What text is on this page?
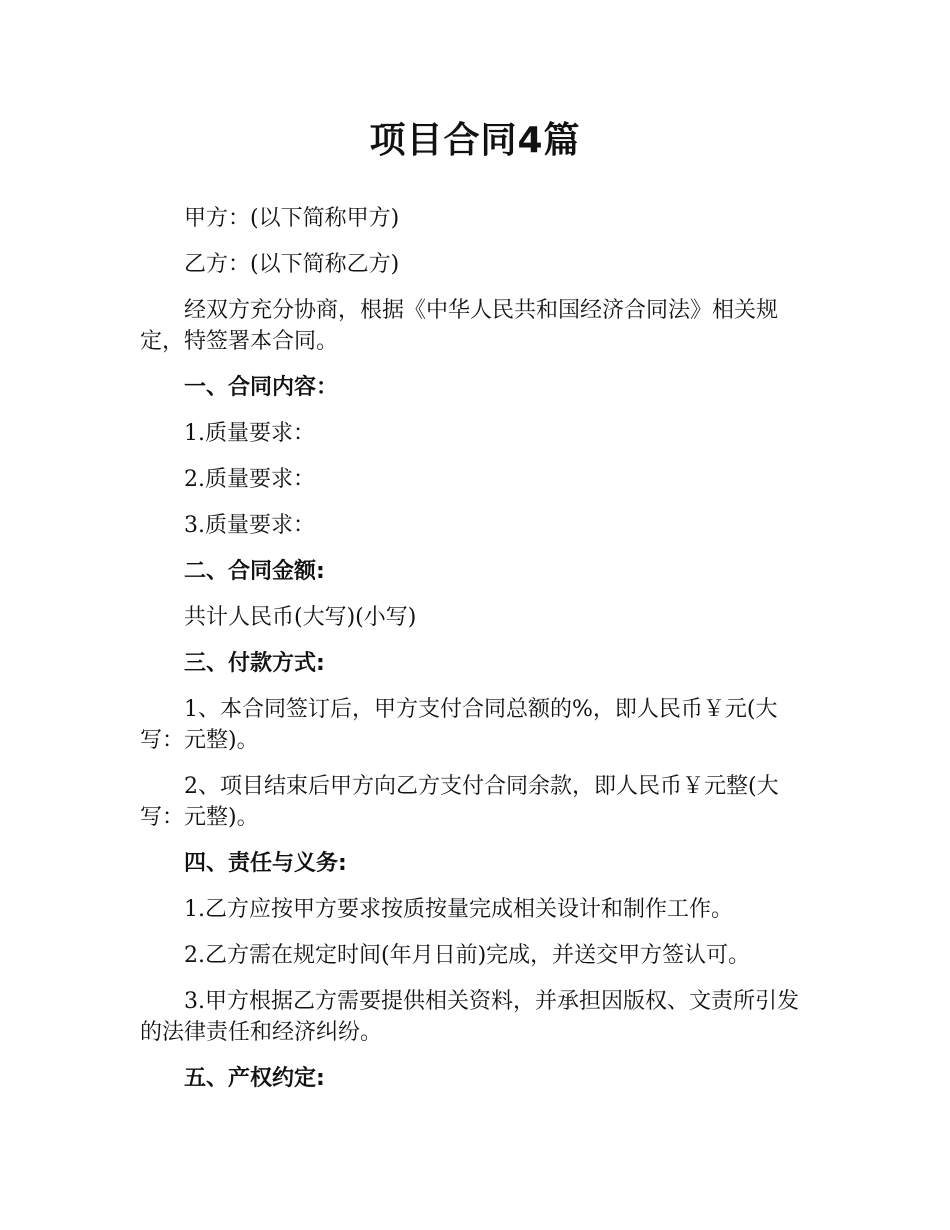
项目合同4篇

甲方：(以下简称甲方)

乙方：(以下简称乙方)

经双方充分协商，根据《中华人民共和国经济合同法》相关规定，特签署本合同。

一、合同内容：

1.质量要求：

2.质量要求：

3.质量要求：

二、合同金额:

共计人民币(大写)(小写)

三、付款方式:

1、本合同签订后，甲方支付合同总额的%，即人民币￥元(大写：元整)。

2、项目结束后甲方向乙方支付合同余款，即人民币￥元整(大写：元整)。

四、责任与义务:

1.乙方应按甲方要求按质按量完成相关设计和制作工作。

2.乙方需在规定时间(年月日前)完成，并送交甲方签认可。

3.甲方根据乙方需要提供相关资料，并承担因版权、文责所引发的法律责任和经济纠纷。

五、产权约定:
